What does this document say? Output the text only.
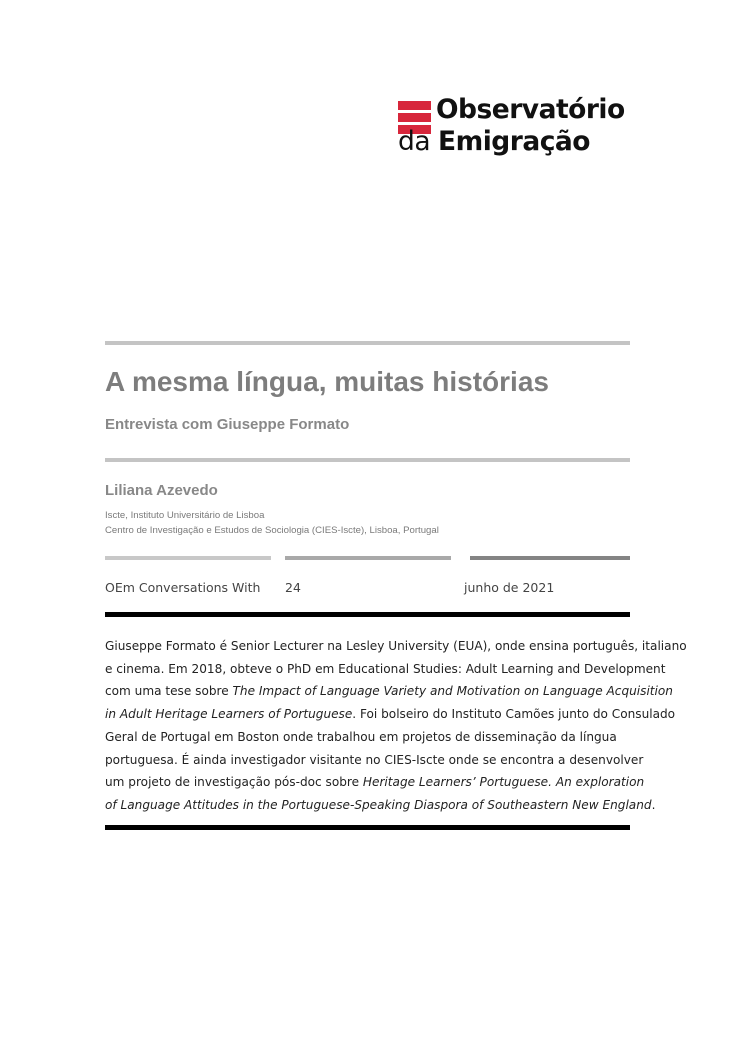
Observatório
da Emigração
A mesma língua, muitas histórias
Entrevista com Giuseppe Formato
Liliana Azevedo
Iscte, Instituto Universitário de Lisboa
Centro de Investigação e Estudos de Sociologia (CIES-Iscte), Lisboa, Portugal
OEm Conversations With 24	junho de 2021
Giuseppe Formato é Senior Lecturer na Lesley University (EUA), onde ensina português, italiano
e cinema. Em 2018, obteve o PhD em Educational Studies: Adult Learning and Development
com uma tese sobre The Impact of Language Variety and Motivation on Language Acquisition
in Adult Heritage Learners of Portuguese. Foi bolseiro do Instituto Camões junto do Consulado
Geral de Portugal em Boston onde trabalhou em projetos de disseminação da língua
portuguesa. É ainda investigador visitante no CIES-Iscte onde se encontra a desenvolver
um projeto de investigação pós-doc sobre Heritage Learners’ Portuguese. An exploration
of Language Attitudes in the Portuguese-Speaking Diaspora of Southeastern New England.
